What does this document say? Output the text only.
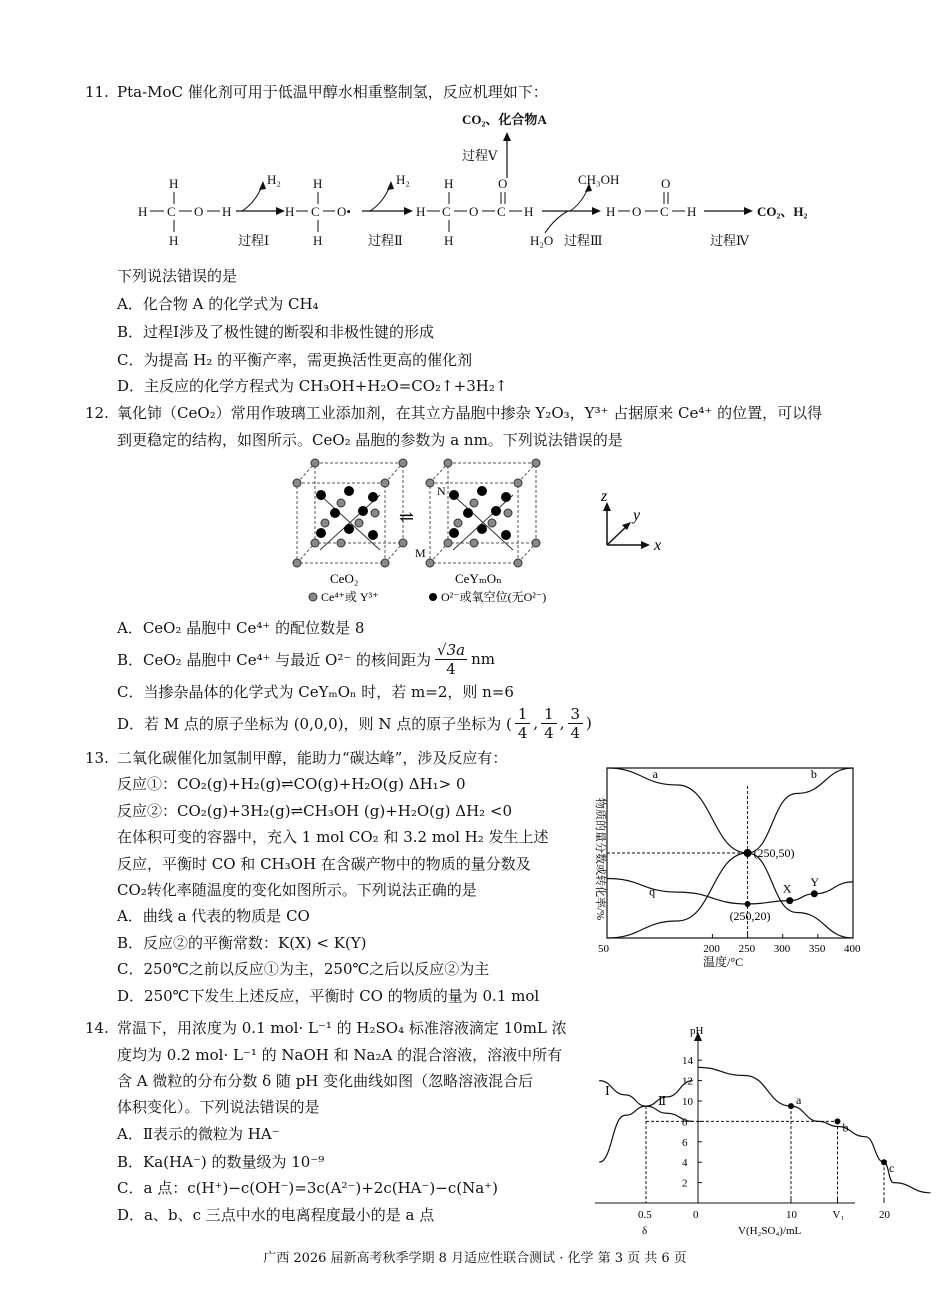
11. Pta-MoC 催化剂可用于低温甲醇水相重整制氢，反应机理如下：
CO₂、化合物A
过程Ⅴ
H
H C O H
H
H₂
过程Ⅰ
H
H C O•
H
H₂
过程Ⅱ
H
H C O C H
H
O	CH₃OH
H₂O 过程Ⅲ
H O C H
O
CO₂、H₂
过程Ⅳ
下列说法错误的是
A．化合物 A 的化学式为 CH₄
B．过程Ⅰ涉及了极性键的断裂和非极性键的形成
C．为提高 H₂ 的平衡产率，需更换活性更高的催化剂
D．主反应的化学方程式为 CH₃OH+H₂O=CO₂↑+3H₂↑
12. 氧化铈（CeO₂）常用作玻璃工业添加剂，在其立方晶胞中掺杂 Y₂O₃，Y³⁺ 占据原来 Ce⁴⁺ 的位置，可以得
到更稳定的结构，如图所示。CeO₂ 晶胞的参数为 a nm。下列说法错误的是
⇌
N
M
CeO₂	CeYₘOₙ
Ce⁴⁺或 Y³⁺	O²⁻或氧空位(无O²⁻)
x
y
z
A．CeO₂ 晶胞中 Ce⁴⁺ 的配位数是 8
B．CeO₂ 晶胞中 Ce⁴⁺ 与最近 O²⁻ 的核间距为 $\frac{√3a}{4}$ nm
C．当掺杂晶体的化学式为 CeYₘOₙ 时，若 m=2，则 n=6
D．若 M 点的原子坐标为 (0,0,0)，则 N 点的原子坐标为 ( $\frac{1}{4}$ , $\frac{1}{4}$ , $\frac{3}{4}$ )
13. 二氧化碳催化加氢制甲醇，能助力“碳达峰”，涉及反应有：
反应①：CO₂(g)+H₂(g)⇌CO(g)+H₂O(g) ΔH₁> 0
反应②：CO₂(g)+3H₂(g)⇌CH₃OH (g)+H₂O(g) ΔH₂ <0
在体积可变的容器中，充入 1 mol CO₂ 和 3.2 mol H₂ 发生上述
反应，平衡时 CO 和 CH₃OH 在含碳产物中的物质的量分数及
CO₂转化率随温度的变化如图所示。下列说法正确的是
A．曲线 a 代表的物质是 CO
B．反应②的平衡常数：K(X) < K(Y)
C．250℃之前以反应①为主，250℃之后以反应②为主
D．250℃下发生上述反应，平衡时 CO 的物质的量为 0.1 mol
物质的量分数或转化率/%
50	200 250 300 350 400
(250,50)
(250,20)
X Y
a	b
q
温度/°C
14. 常温下，用浓度为 0.1 mol· L⁻¹ 的 H₂SO₄ 标准溶液滴定 10mL 浓
度均为 0.2 mol· L⁻¹ 的 NaOH 和 Na₂A 的混合溶液，溶液中所有
含 A 微粒的分布分数 δ 随 pH 变化曲线如图（忽略溶液混合后
体积变化）。下列说法错误的是
A．Ⅱ表示的微粒为 HA⁻
B．Ka(HA⁻) 的数量级为 10⁻⁹
C．a 点：c(H⁺)−c(OH⁻)=3c(A²⁻)+2c(HA⁻)−c(Na⁺)
D．a、b、c 三点中水的电离程度最小的是 a 点
pH
2
4
6
8
10
12
14
0	10	V₁	20
0.5
δ	V(H₂SO₄)/mL
a
b
c
Ⅰ
Ⅱ
广西 2026 届新高考秋季学期 8 月适应性联合测试 · 化学 第 3 页 共 6 页
